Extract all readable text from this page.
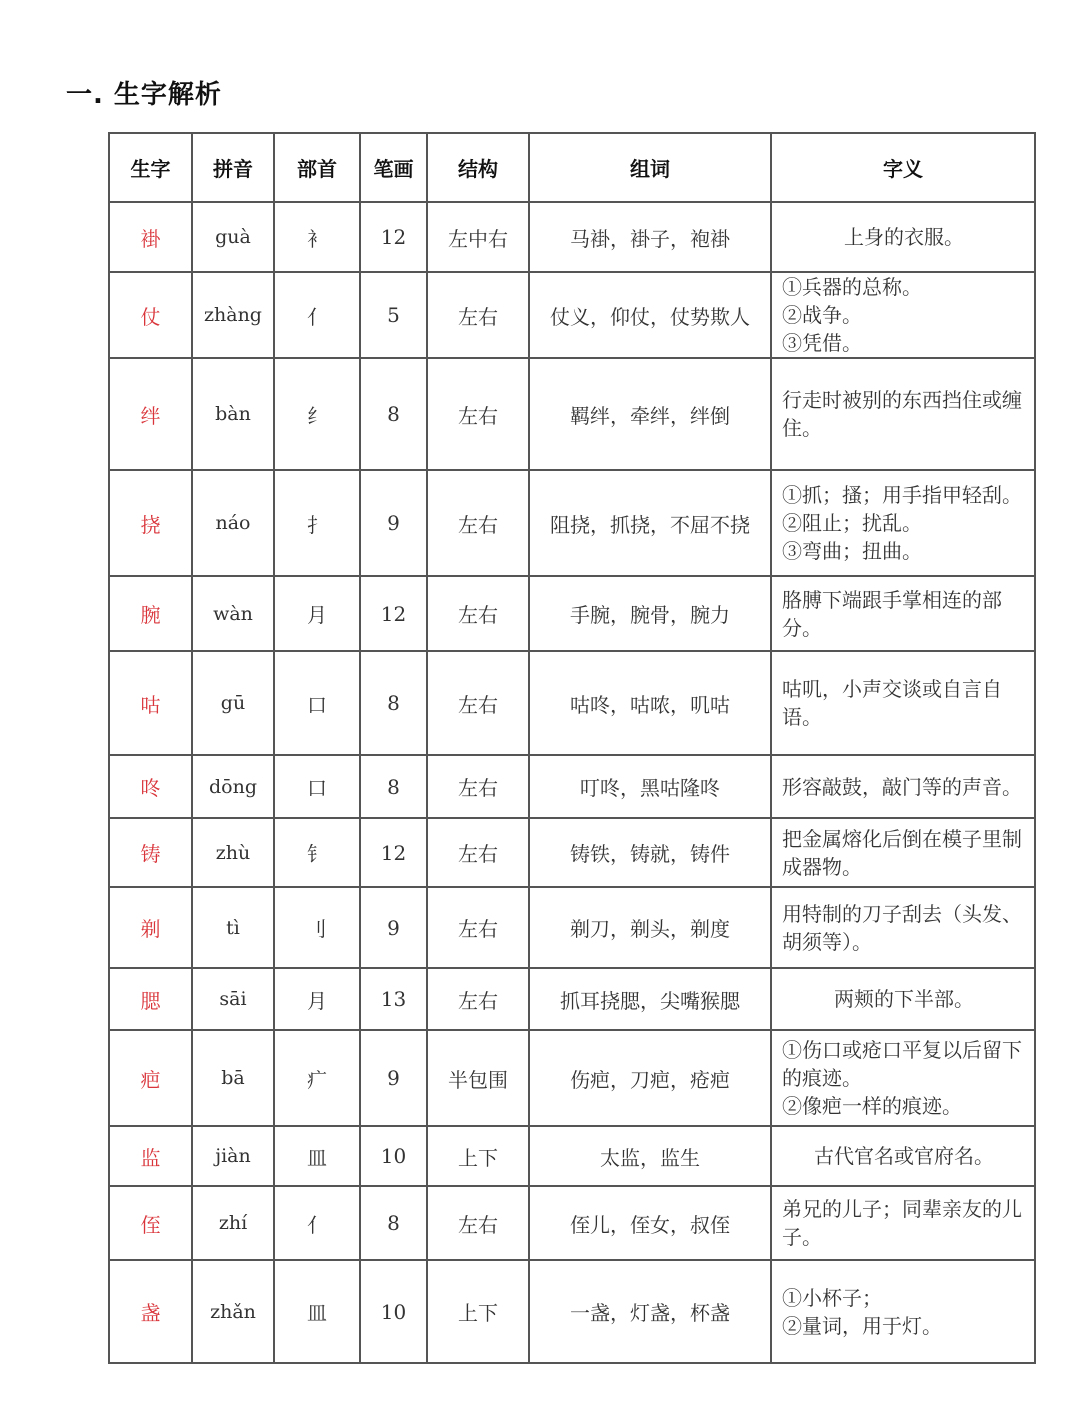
一. 生字解析
生字	拼音	部首	笔画	结构	组词	字义
褂	guà	衤	12	左中右	马褂，褂子，袍褂	上身的衣服。

仗	zhàng	亻	5	左右	仗义，仰仗，仗势欺人	①兵器的总称。
②战争。
③凭借。

绊	bàn	纟	8	左右	羁绊，牵绊，绊倒	行走时被别的东西挡住或缠住。

挠	náo	扌	9	左右	阻挠，抓挠，不屈不挠	①抓；搔；用手指甲轻刮。
②阻止；扰乱。
③弯曲；扭曲。

腕	wàn	月	12	左右	手腕，腕骨，腕力	胳膊下端跟手掌相连的部分。

咕	gū	口	8	左右	咕咚，咕哝，叽咕	咕叽，小声交谈或自言自语。

咚	dōng	口	8	左右	叮咚，黑咕隆咚	形容敲鼓，敲门等的声音。

铸	zhù	钅	12	左右	铸铁，铸就，铸件	把金属熔化后倒在模子里制成器物。

剃	tì	刂	9	左右	剃刀，剃头，剃度	用特制的刀子刮去（头发、胡须等）。

腮	sāi	月	13	左右	抓耳挠腮，尖嘴猴腮	两颊的下半部。

疤	bā	疒	9	半包围	伤疤，刀疤，疮疤	①伤口或疮口平复以后留下的痕迹。
②像疤一样的痕迹。

监	jiàn	皿	10	上下	太监，监生	古代官名或官府名。

侄	zhí	亻	8	左右	侄儿，侄女，叔侄	弟兄的儿子；同辈亲友的儿子。

盏	zhǎn	皿	10	上下	一盏，灯盏，杯盏	①小杯子；
②量词，用于灯。
